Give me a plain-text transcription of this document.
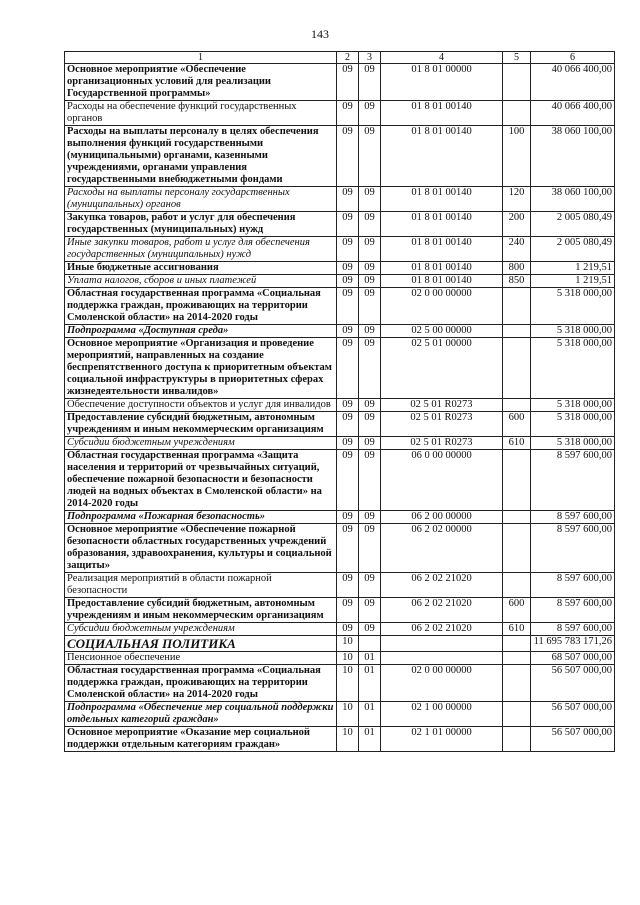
143
1	2	3	4	5	6
Основное мероприятие «Обеспечение организационных условий для реализации Государственной программы»	09	09	01 8 01 00000		40 066 400,00
Расходы на обеспечение функций государственных органов	09	09	01 8 01 00140		40 066 400,00
Расходы на выплаты персоналу в целях обеспечения выполнения функций государственными (муниципальными) органами, казенными учреждениями, органами управления государственными внебюджетными фондами	09	09	01 8 01 00140	100	38 060 100,00
Расходы на выплаты персоналу государственных (муниципальных) органов	09	09	01 8 01 00140	120	38 060 100,00
Закупка товаров, работ и услуг для обеспечения государственных (муниципальных) нужд	09	09	01 8 01 00140	200	2 005 080,49
Иные закупки товаров, работ и услуг для обеспечения государственных (муниципальных) нужд	09	09	01 8 01 00140	240	2 005 080,49
Иные бюджетные ассигнования	09	09	01 8 01 00140	800	1 219,51
Уплата налогов, сборов и иных платежей	09	09	01 8 01 00140	850	1 219,51
Областная государственная программа «Социальная поддержка граждан, проживающих на территории Смоленской области» на 2014-2020 годы	09	09	02 0 00 00000		5 318 000,00
Подпрограмма «Доступная среда»	09	09	02 5 00 00000		5 318 000,00
Основное мероприятие «Организация и проведение мероприятий, направленных на создание беспрепятственного доступа к приоритетным объектам социальной инфраструктуры в приоритетных сферах жизнедеятельности инвалидов»	09	09	02 5 01 00000		5 318 000,00
Обеспечение доступности объектов и услуг для инвалидов	09	09	02 5 01 R0273		5 318 000,00
Предоставление субсидий бюджетным, автономным учреждениям и иным некоммерческим организациям	09	09	02 5 01 R0273	600	5 318 000,00
Субсидии бюджетным учреждениям	09	09	02 5 01 R0273	610	5 318 000,00
Областная государственная программа «Защита населения и территорий от чрезвычайных ситуаций, обеспечение пожарной безопасности и безопасности людей на водных объектах в Смоленской области» на 2014-2020 годы	09	09	06 0 00 00000		8 597 600,00
Подпрограмма «Пожарная безопасность»	09	09	06 2 00 00000		8 597 600,00
Основное мероприятие «Обеспечение пожарной безопасности областных государственных учреждений образования, здравоохранения, культуры и социальной защиты»	09	09	06 2 02 00000		8 597 600,00
Реализация мероприятий в области пожарной безопасности	09	09	06 2 02 21020		8 597 600,00
Предоставление субсидий бюджетным, автономным учреждениям и иным некоммерческим организациям	09	09	06 2 02 21020	600	8 597 600,00
Субсидии бюджетным учреждениям	09	09	06 2 02 21020	610	8 597 600,00
СОЦИАЛЬНАЯ ПОЛИТИКА	10				11 695 783 171,26
Пенсионное обеспечение	10	01			68 507 000,00
Областная государственная программа «Социальная поддержка граждан, проживающих на территории Смоленской области» на 2014-2020 годы	10	01	02 0 00 00000		56 507 000,00
Подпрограмма «Обеспечение мер социальной поддержки отдельных категорий граждан»	10	01	02 1 00 00000		56 507 000,00
Основное мероприятие «Оказание мер социальной поддержки отдельным категориям граждан»	10	01	02 1 01 00000		56 507 000,00
